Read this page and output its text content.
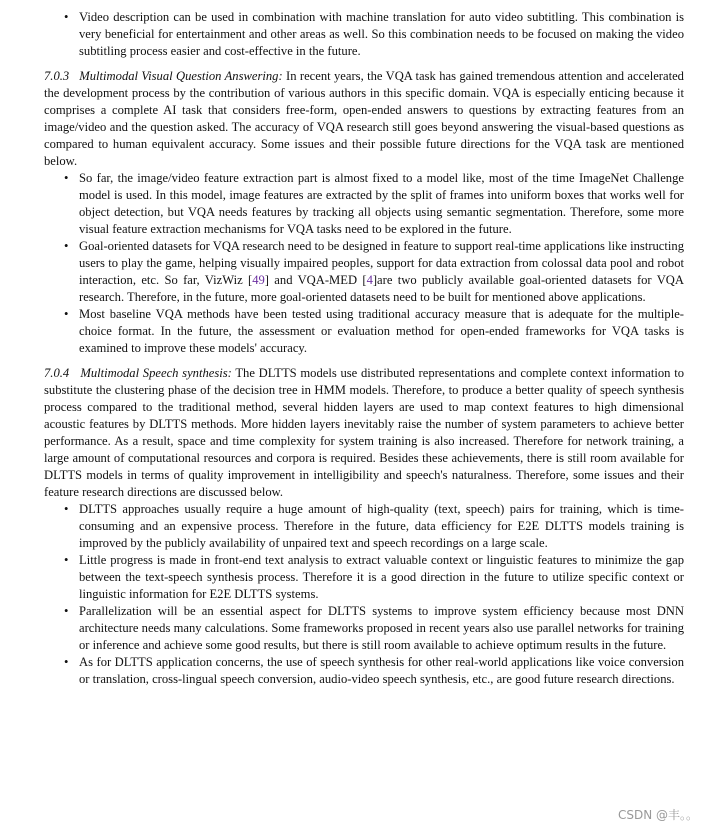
• Video description can be used in combination with machine translation for auto video subtitling. This combination is very beneficial for entertainment and other areas as well. So this combination needs to be focused on making the video subtitling process easier and cost-effective in the future.

7.0.3 Multimodal Visual Question Answering: In recent years, the VQA task has gained tremendous attention and accelerated the development process by the contribution of various authors in this specific domain. VQA is especially enticing because it comprises a complete AI task that considers free-form, open-ended answers to questions by extracting features from an image/video and the question asked. The accuracy of VQA research still goes beyond answering the visual-based questions as compared to human equivalent accuracy. Some issues and their possible future directions for the VQA task are mentioned below.

• So far, the image/video feature extraction part is almost fixed to a model like, most of the time ImageNet Challenge model is used. In this model, image features are extracted by the split of frames into uniform boxes that works well for object detection, but VQA needs features by tracking all objects using semantic segmentation. Therefore, some more visual feature extraction mechanisms for VQA tasks need to be explored in the future.
• Goal-oriented datasets for VQA research need to be designed in feature to support real-time applications like instructing users to play the game, helping visually impaired peoples, support for data extraction from colossal data pool and robot interaction, etc. So far, VizWiz [49] and VQA-MED [4]are two publicly available goal-oriented datasets for VQA research. Therefore, in the future, more goal-oriented datasets need to be built for mentioned above applications.
• Most baseline VQA methods have been tested using traditional accuracy measure that is adequate for the multiple-choice format. In the future, the assessment or evaluation method for open-ended frameworks for VQA tasks is examined to improve these models' accuracy.

7.0.4 Multimodal Speech synthesis: The DLTTS models use distributed representations and complete context information to substitute the clustering phase of the decision tree in HMM models. Therefore, to produce a better quality of speech synthesis process compared to the traditional method, several hidden layers are used to map context features to high dimensional acoustic features by DLTTS methods. More hidden layers inevitably raise the number of system parameters to achieve better performance. As a result, space and time complexity for system training is also increased. Therefore for network training, a large amount of computational resources and corpora is required. Besides these achievements, there is still room available for DLTTS models in terms of quality improvement in intelligibility and speech's naturalness. Therefore, some issues and their feature research directions are discussed below.

• DLTTS approaches usually require a huge amount of high-quality (text, speech) pairs for training, which is time-consuming and an expensive process. Therefore in the future, data efficiency for E2E DLTTS models training is improved by the publicly availability of unpaired text and speech recordings on a large scale.
• Little progress is made in front-end text analysis to extract valuable context or linguistic features to minimize the gap between the text-speech synthesis process. Therefore it is a good direction in the future to utilize specific context or linguistic information for E2E DLTTS systems.
• Parallelization will be an essential aspect for DLTTS systems to improve system efficiency because most DNN architecture needs many calculations. Some frameworks proposed in recent years also use parallel networks for training or inference and achieve some good results, but there is still room available to achieve optimum results in the future.
• As for DLTTS application concerns, the use of speech synthesis for other real-world applications like voice conversion or translation, cross-lingual speech conversion, audio-video speech synthesis, etc., are good future research directions.
CSDN @丰。。
